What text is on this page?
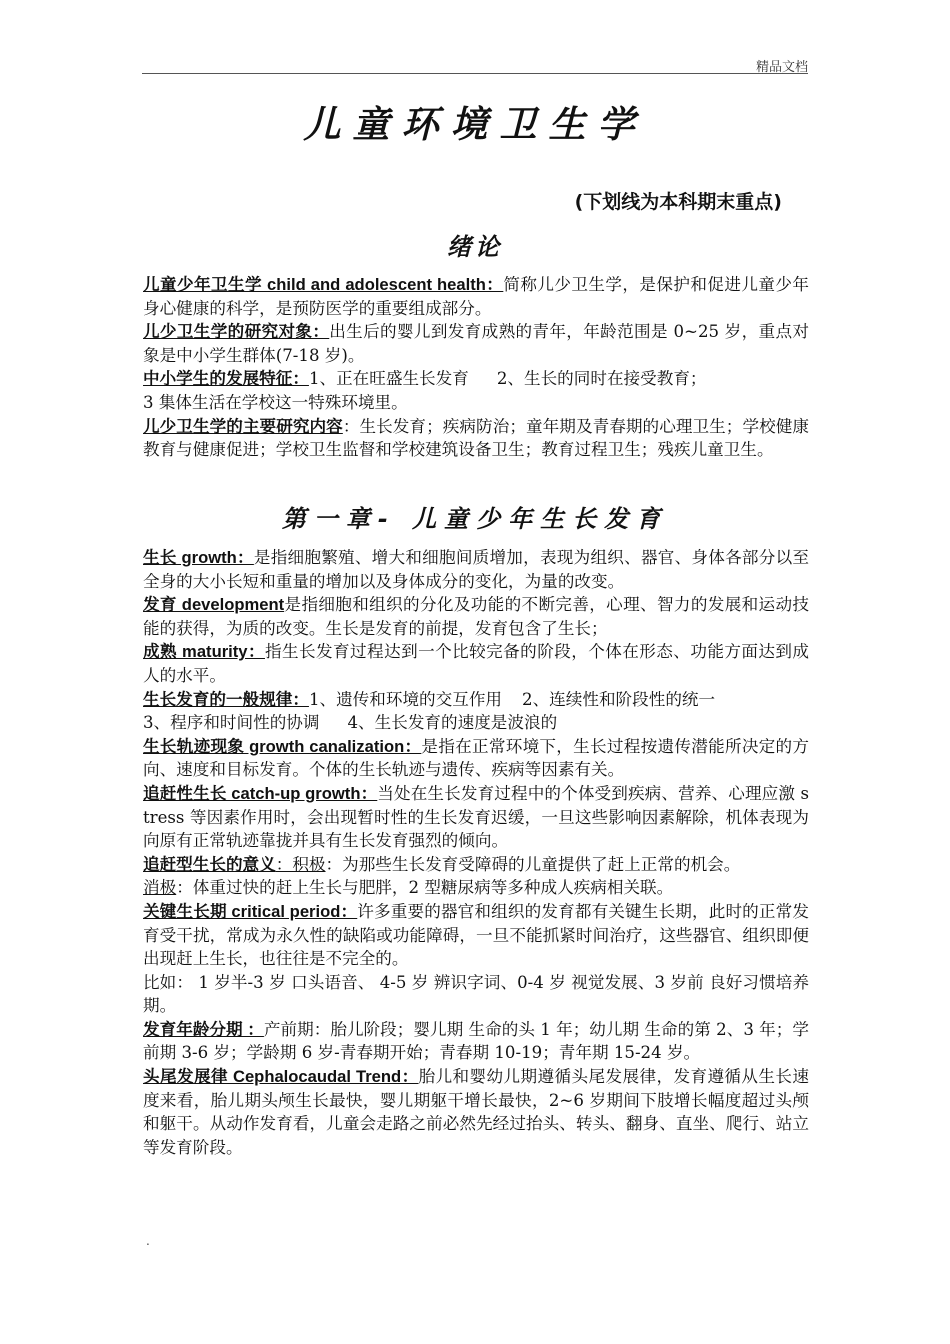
精品文档
儿童环境卫生学
(下划线为本科期末重点)
绪论
儿童少年卫生学 child and adolescent health：简称儿少卫生学，是保护和促进儿童少年身心健康的科学，是预防医学的重要组成部分。
儿少卫生学的研究对象：出生后的婴儿到发育成熟的青年，年龄范围是 0~25 岁，重点对象是中小学生群体(7-18 岁)。
中小学生的发展特征：1、正在旺盛生长发育 2、生长的同时在接受教育；
3 集体生活在学校这一特殊环境里。
儿少卫生学的主要研究内容：生长发育；疾病防治；童年期及青春期的心理卫生；学校健康教育与健康促进；学校卫生监督和学校建筑设备卫生；教育过程卫生；残疾儿童卫生。
第一章- 儿童少年生长发育
生长 growth：是指细胞繁殖、增大和细胞间质增加，表现为组织、器官、身体各部分以至全身的大小长短和重量的增加以及身体成分的变化，为量的改变。
发育 development是指细胞和组织的分化及功能的不断完善，心理、智力的发展和运动技能的获得，为质的改变。生长是发育的前提，发育包含了生长；
成熟 maturity：指生长发育过程达到一个比较完备的阶段，个体在形态、功能方面达到成人的水平。
生长发育的一般规律：1、遗传和环境的交互作用 2、连续性和阶段性的统一
3、程序和时间性的协调 4、生长发育的速度是波浪的
生长轨迹现象 growth canalization：是指在正常环境下，生长过程按遗传潜能所决定的方向、速度和目标发育。个体的生长轨迹与遗传、疾病等因素有关。
追赶性生长 catch-up growth：当处在生长发育过程中的个体受到疾病、营养、心理应激 stress 等因素作用时，会出现暂时性的生长发育迟缓，一旦这些影响因素解除，机体表现为向原有正常轨迹靠拢并具有生长发育强烈的倾向。
追赶型生长的意义：积极：为那些生长发育受障碍的儿童提供了赶上正常的机会。
消极：体重过快的赶上生长与肥胖，2 型糖尿病等多种成人疾病相关联。
关键生长期 critical period：许多重要的器官和组织的发育都有关键生长期，此时的正常发育受干扰，常成为永久性的缺陷或功能障碍，一旦不能抓紧时间治疗，这些器官、组织即便出现赶上生长，也往往是不完全的。
比如： 1 岁半-3 岁 口头语音、 4-5 岁 辨识字词、0-4 岁 视觉发展、3 岁前 良好习惯培养期。
发育年龄分期 ：产前期：胎儿阶段；婴儿期 生命的头 1 年；幼儿期 生命的第 2、3 年；学前期 3-6 岁；学龄期 6 岁-青春期开始；青春期 10-19；青年期 15-24 岁。
头尾发展律 Cephalocaudal Trend：胎儿和婴幼儿期遵循头尾发展律，发育遵循从生长速度来看，胎儿期头颅生长最快，婴儿期躯干增长最快，2~6 岁期间下肢增长幅度超过头颅和躯干。从动作发育看，儿童会走路之前必然先经过抬头、转头、翻身、直坐、爬行、站立等发育阶段。
.
